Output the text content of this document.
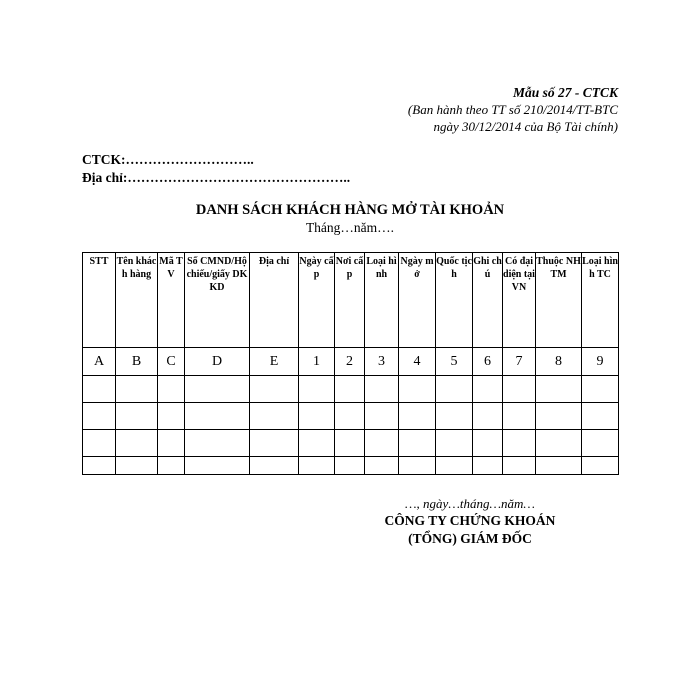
Mẫu số 27 - CTCK
(Ban hành theo TT số 210/2014/TT-BTC
ngày 30/12/2014 của Bộ Tài chính)
CTCK:………………………..
Địa chỉ:…………………………………………..
DANH SÁCH KHÁCH HÀNG MỞ TÀI KHOẢN
Tháng…năm….
STT	Tên khách hàng	Mã TV	Số CMND/Hộ chiếu/giấy DKKD	Địa chỉ	Ngày cấp	Nơi cấp	Loại hình	Ngày mở	Quốc tịch	Ghi chú	Có đại diện tại VN	Thuộc NHTM	Loại hình TC
A	B	C	D	E	1	2	3	4	5	6	7	8	9

…, ngày…tháng…năm…
CÔNG TY CHỨNG KHOÁN
(TỔNG) GIÁM ĐỐC
